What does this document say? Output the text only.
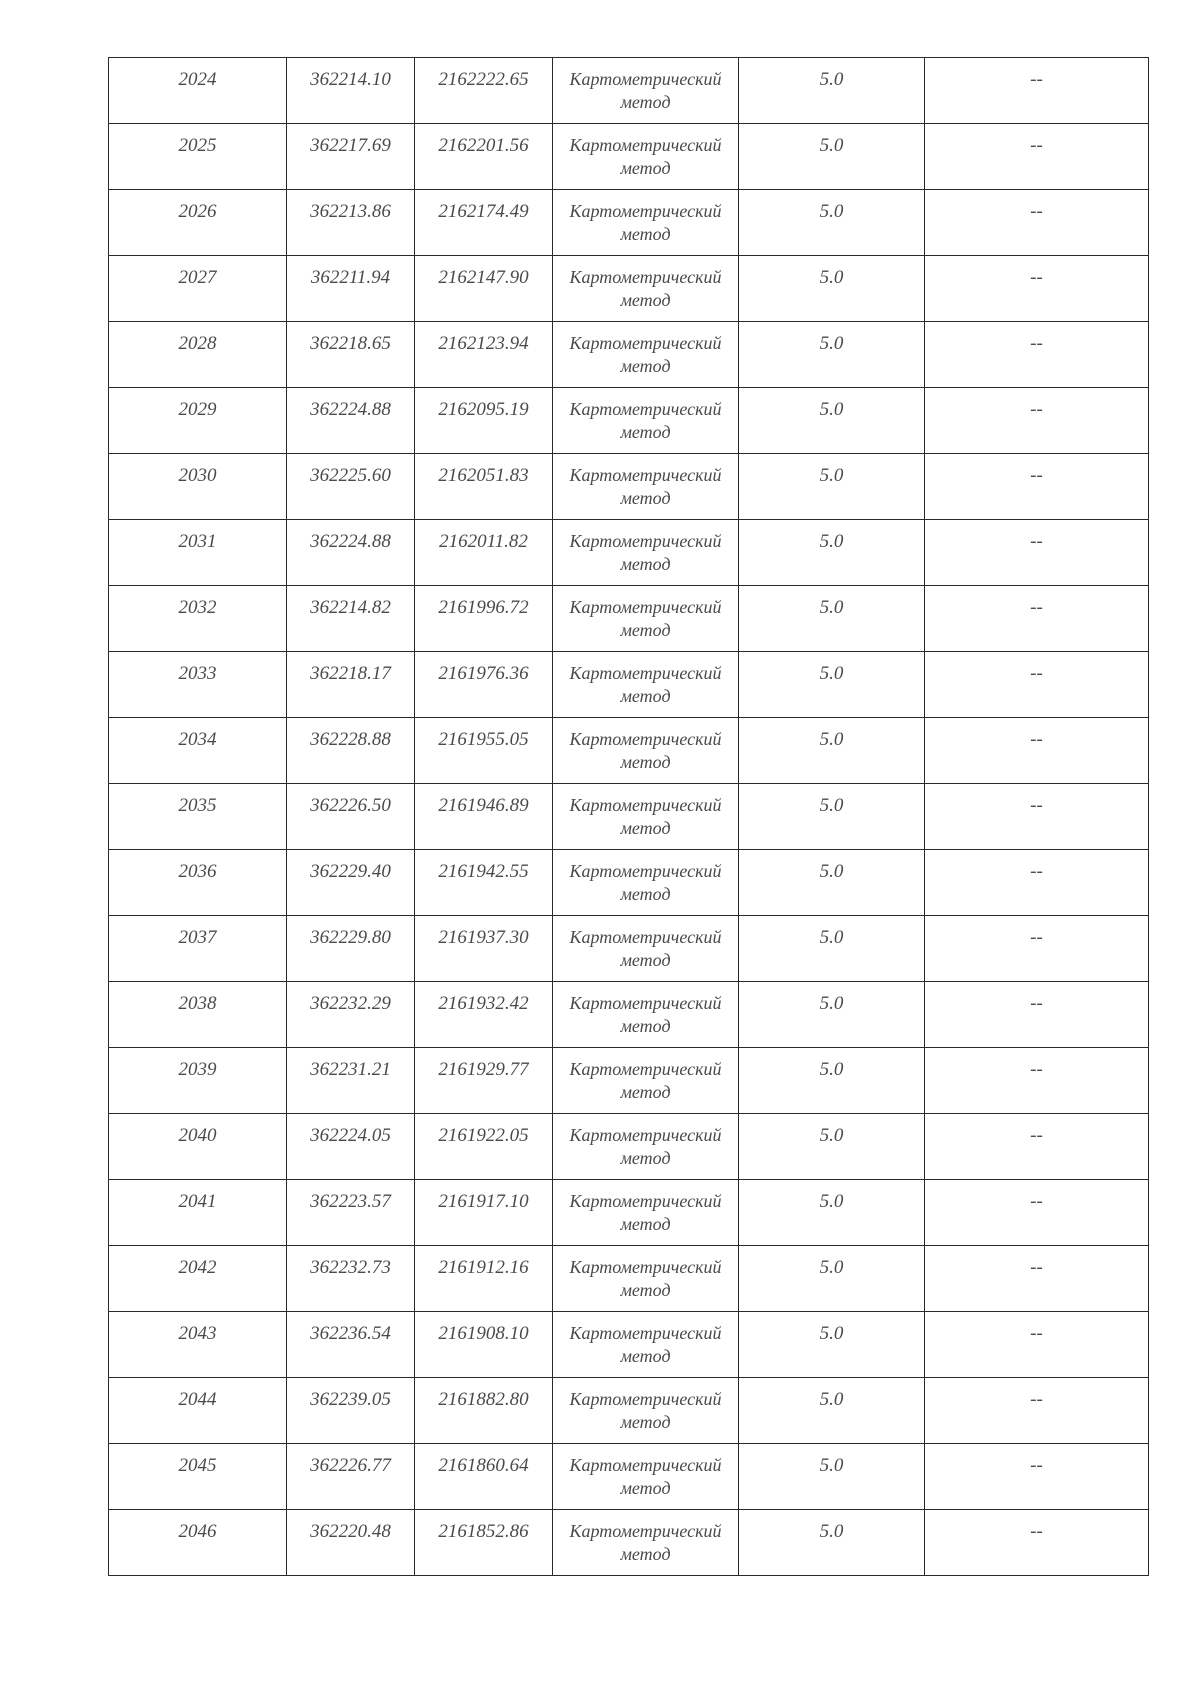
2024	362214.10	2162222.65	Картометрический метод	5.0	--
2025	362217.69	2162201.56	Картометрический метод	5.0	--
2026	362213.86	2162174.49	Картометрический метод	5.0	--
2027	362211.94	2162147.90	Картометрический метод	5.0	--
2028	362218.65	2162123.94	Картометрический метод	5.0	--
2029	362224.88	2162095.19	Картометрический метод	5.0	--
2030	362225.60	2162051.83	Картометрический метод	5.0	--
2031	362224.88	2162011.82	Картометрический метод	5.0	--
2032	362214.82	2161996.72	Картометрический метод	5.0	--
2033	362218.17	2161976.36	Картометрический метод	5.0	--
2034	362228.88	2161955.05	Картометрический метод	5.0	--
2035	362226.50	2161946.89	Картометрический метод	5.0	--
2036	362229.40	2161942.55	Картометрический метод	5.0	--
2037	362229.80	2161937.30	Картометрический метод	5.0	--
2038	362232.29	2161932.42	Картометрический метод	5.0	--
2039	362231.21	2161929.77	Картометрический метод	5.0	--
2040	362224.05	2161922.05	Картометрический метод	5.0	--
2041	362223.57	2161917.10	Картометрический метод	5.0	--
2042	362232.73	2161912.16	Картометрический метод	5.0	--
2043	362236.54	2161908.10	Картометрический метод	5.0	--
2044	362239.05	2161882.80	Картометрический метод	5.0	--
2045	362226.77	2161860.64	Картометрический метод	5.0	--
2046	362220.48	2161852.86	Картометрический метод	5.0	--
